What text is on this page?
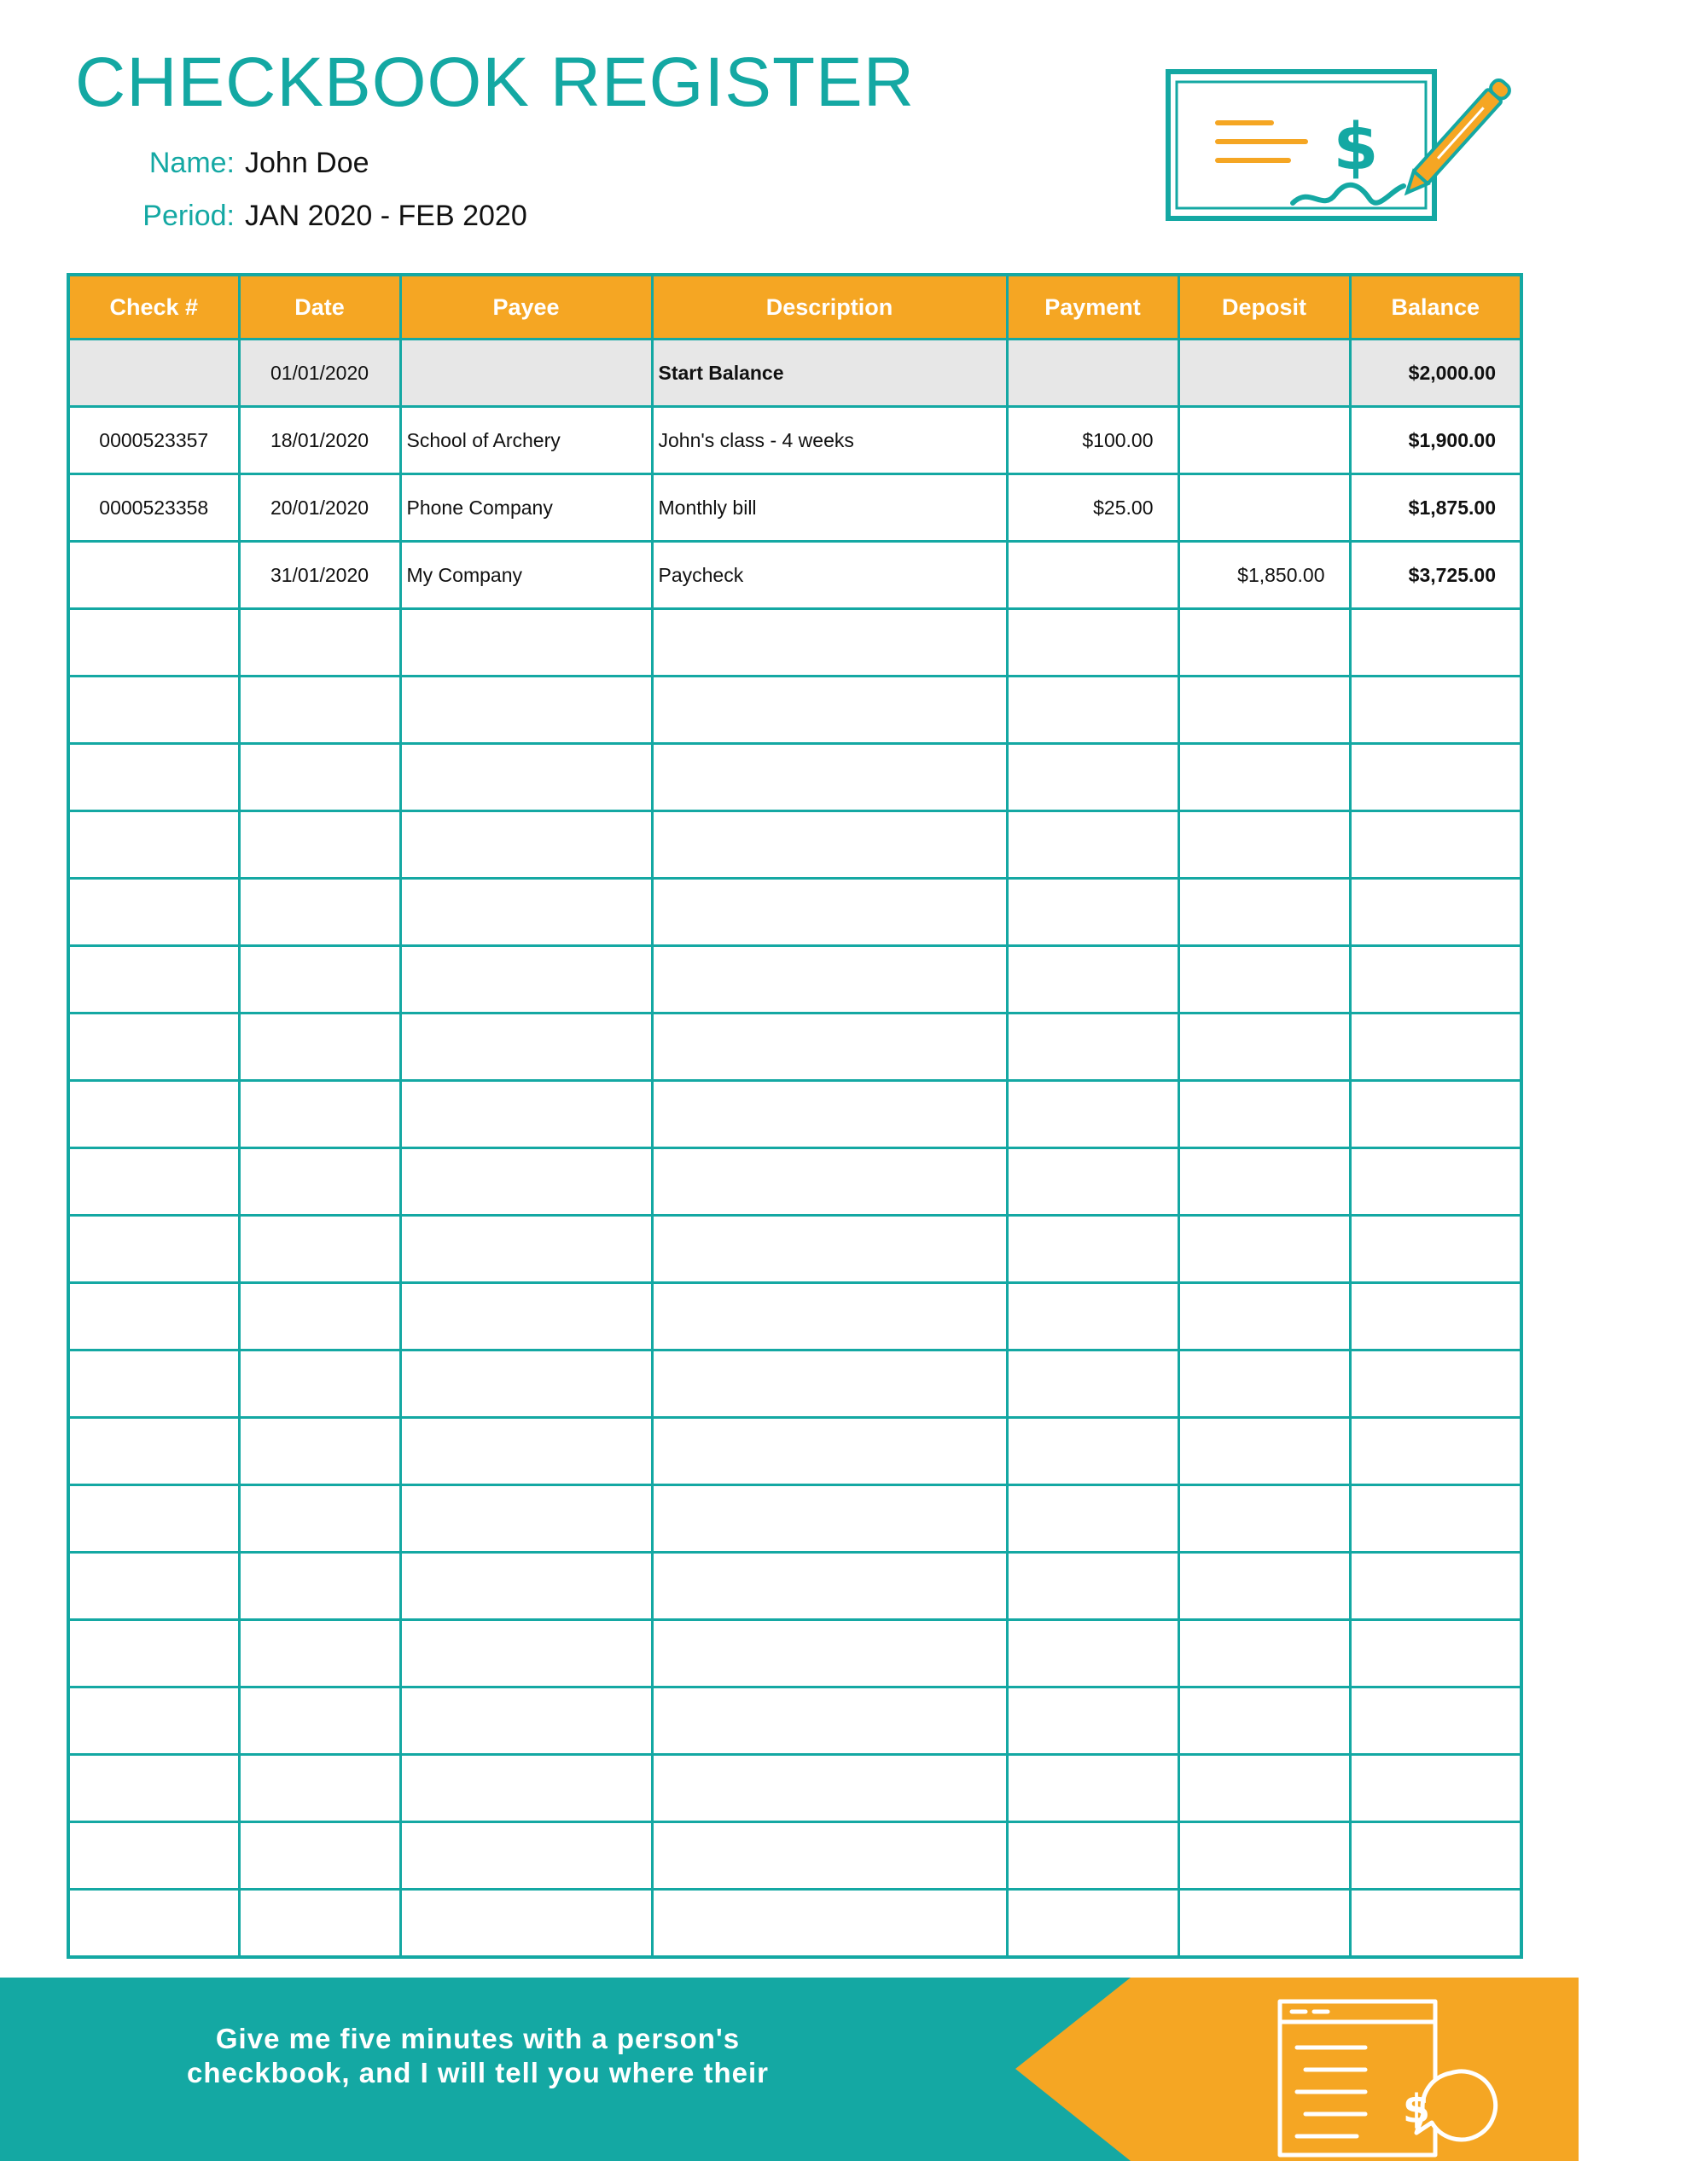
CHECKBOOK REGISTER
Name: John Doe
Period: JAN 2020 - FEB 2020
$
Check #	Date	Payee	Description	Payment	Deposit	Balance
	01/01/2020		Start Balance			$2,000.00
0000523357	18/01/2020	School of Archery	John's class - 4 weeks	$100.00		$1,900.00
0000523358	20/01/2020	Phone Company	Monthly bill	$25.00		$1,875.00
	31/01/2020	My Company	Paycheck		$1,850.00	$3,725.00

$
Give me five minutes with a person's
checkbook, and I will tell you where their
